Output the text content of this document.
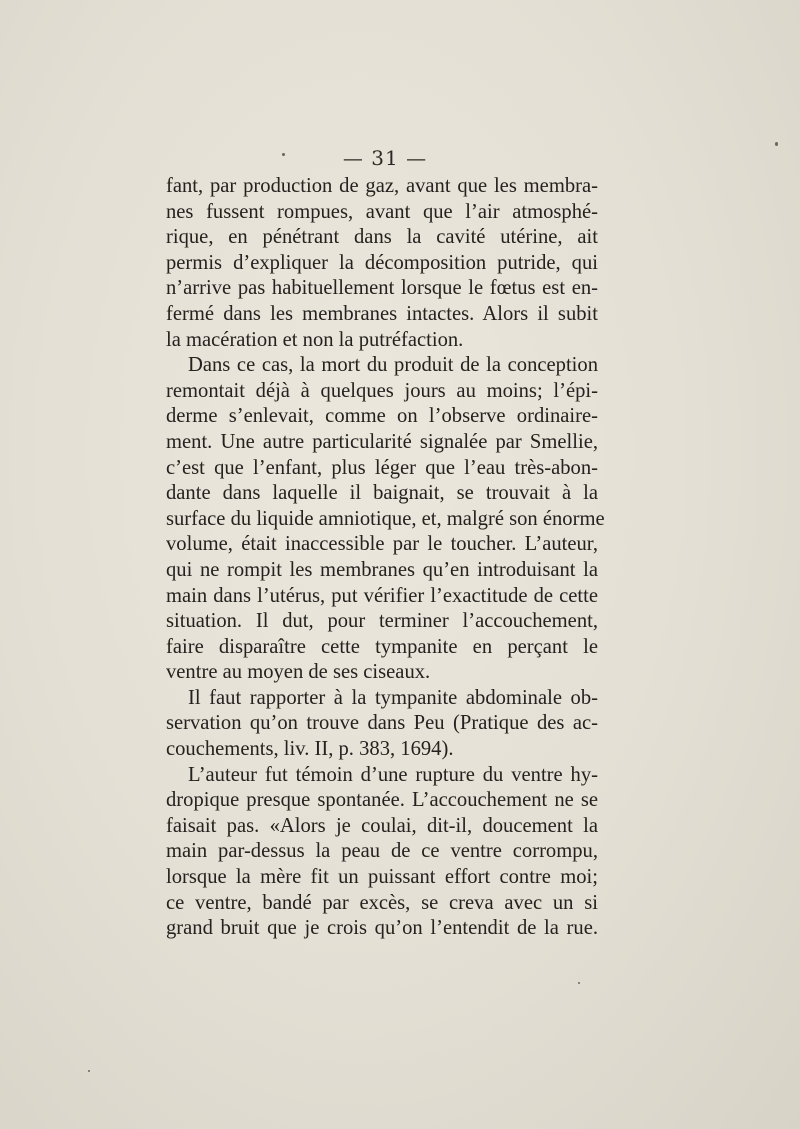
— 31 —
fant, par production de gaz, avant que les membra-
nes fussent rompues, avant que l’air atmosphé-
rique, en pénétrant dans la cavité utérine, ait
permis d’expliquer la décomposition putride, qui
n’arrive pas habituellement lorsque le fœtus est en-
fermé dans les membranes intactes. Alors il subit
la macération et non la putréfaction.
Dans ce cas, la mort du produit de la conception
remontait déjà à quelques jours au moins; l’épi-
derme s’enlevait, comme on l’observe ordinaire-
ment. Une autre particularité signalée par Smellie,
c’est que l’enfant, plus léger que l’eau très-abon-
dante dans laquelle il baignait, se trouvait à la
surface du liquide amniotique, et, malgré son énorme
volume, était inaccessible par le toucher. L’auteur,
qui ne rompit les membranes qu’en introduisant la
main dans l’utérus, put vérifier l’exactitude de cette
situation. Il dut, pour terminer l’accouchement,
faire disparaître cette tympanite en perçant le
ventre au moyen de ses ciseaux.
Il faut rapporter à la tympanite abdominale ob-
servation qu’on trouve dans Peu (Pratique des ac-
couchements, liv. II, p. 383, 1694).
L’auteur fut témoin d’une rupture du ventre hy-
dropique presque spontanée. L’accouchement ne se
faisait pas. «Alors je coulai, dit-il, doucement la
main par-dessus la peau de ce ventre corrompu,
lorsque la mère fit un puissant effort contre moi;
ce ventre, bandé par excès, se creva avec un si
grand bruit que je crois qu’on l’entendit de la rue.
